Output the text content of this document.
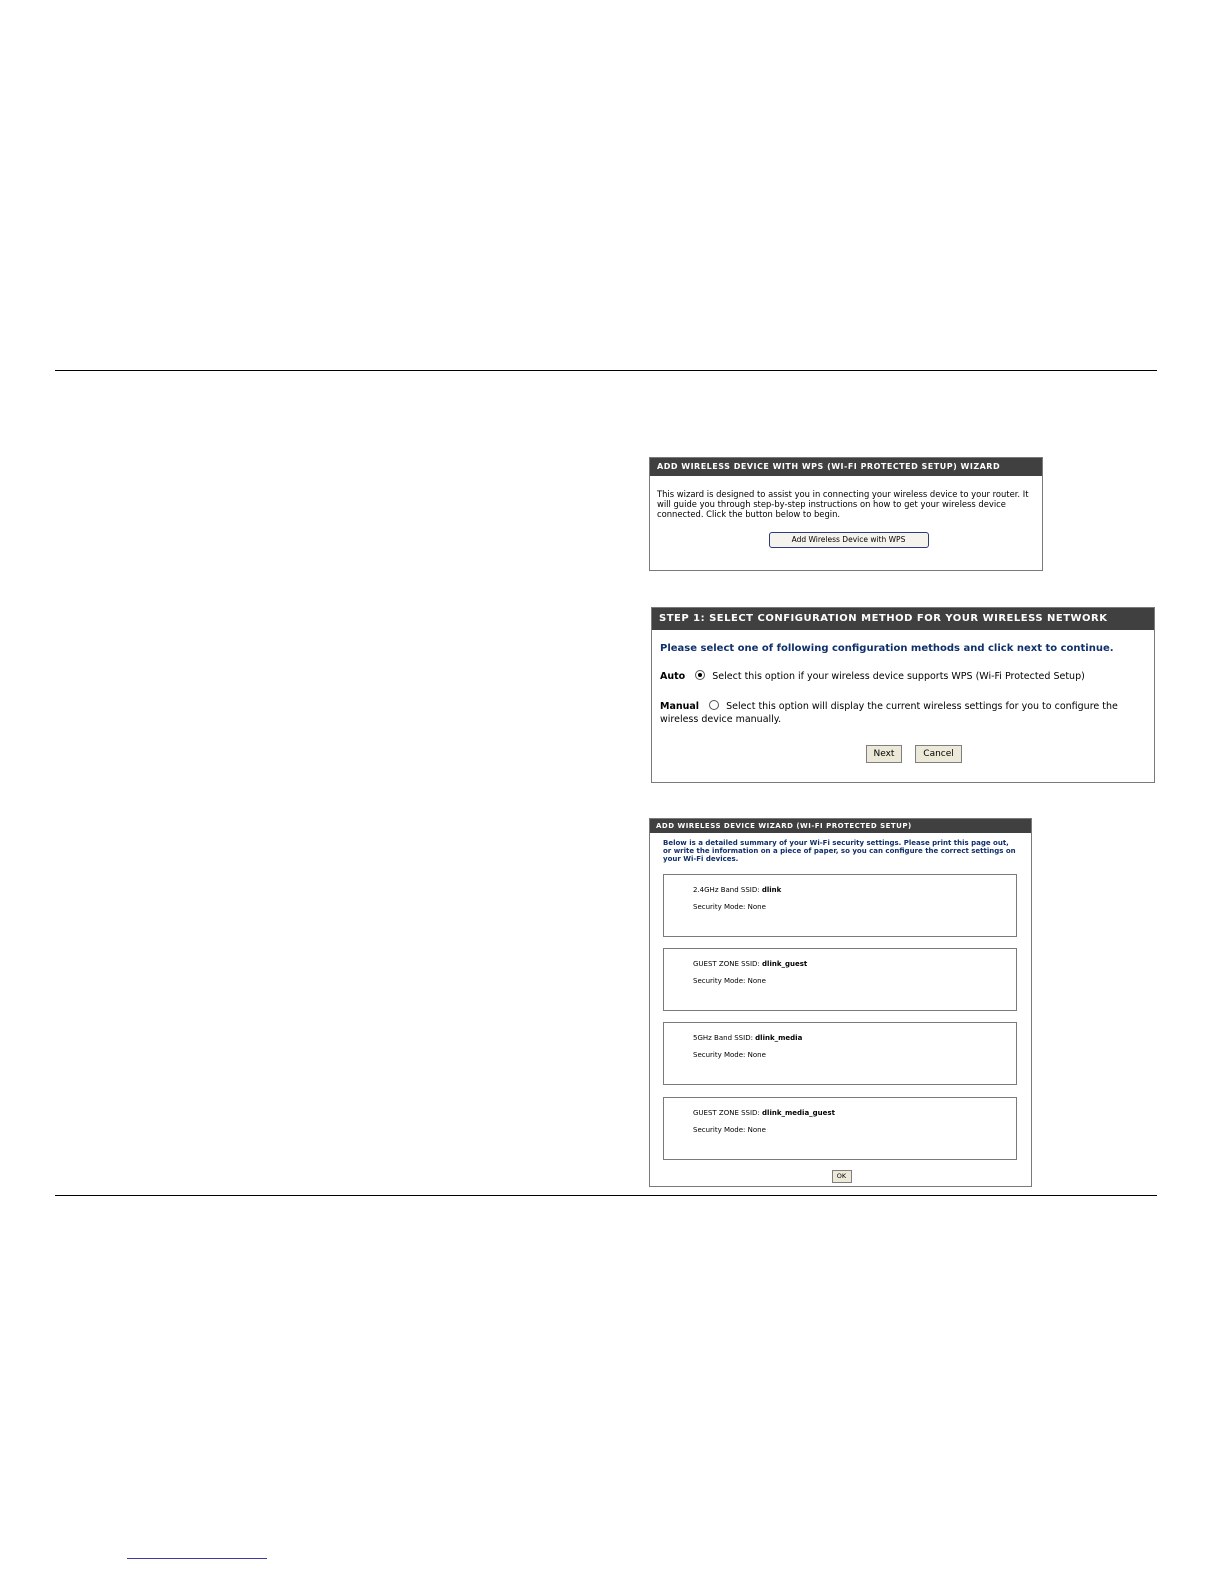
ADD WIRELESS DEVICE WITH WPS (WI-FI PROTECTED SETUP) WIZARD
This wizard is designed to assist you in connecting your wireless device to your router. It will guide you through step-by-step instructions on how to get your wireless device connected. Click the button below to begin.
Add Wireless Device with WPS
STEP 1: SELECT CONFIGURATION METHOD FOR YOUR WIRELESS NETWORK
Please select one of following configuration methods and click next to continue.
Auto	Select this option if your wireless device supports WPS (Wi-Fi Protected Setup)
Manual	Select this option will display the current wireless settings for you to configure the wireless device manually.
Next	Cancel
ADD WIRELESS DEVICE WIZARD (WI-FI PROTECTED SETUP)
Below is a detailed summary of your Wi-Fi security settings. Please print this page out, or write the information on a piece of paper, so you can configure the correct settings on your Wi-Fi devices.
2.4GHz Band SSID: dlink
Security Mode: None
GUEST ZONE SSID: dlink_guest
Security Mode: None
5GHz Band SSID: dlink_media
Security Mode: None
GUEST ZONE SSID: dlink_media_guest
Security Mode: None
OK
